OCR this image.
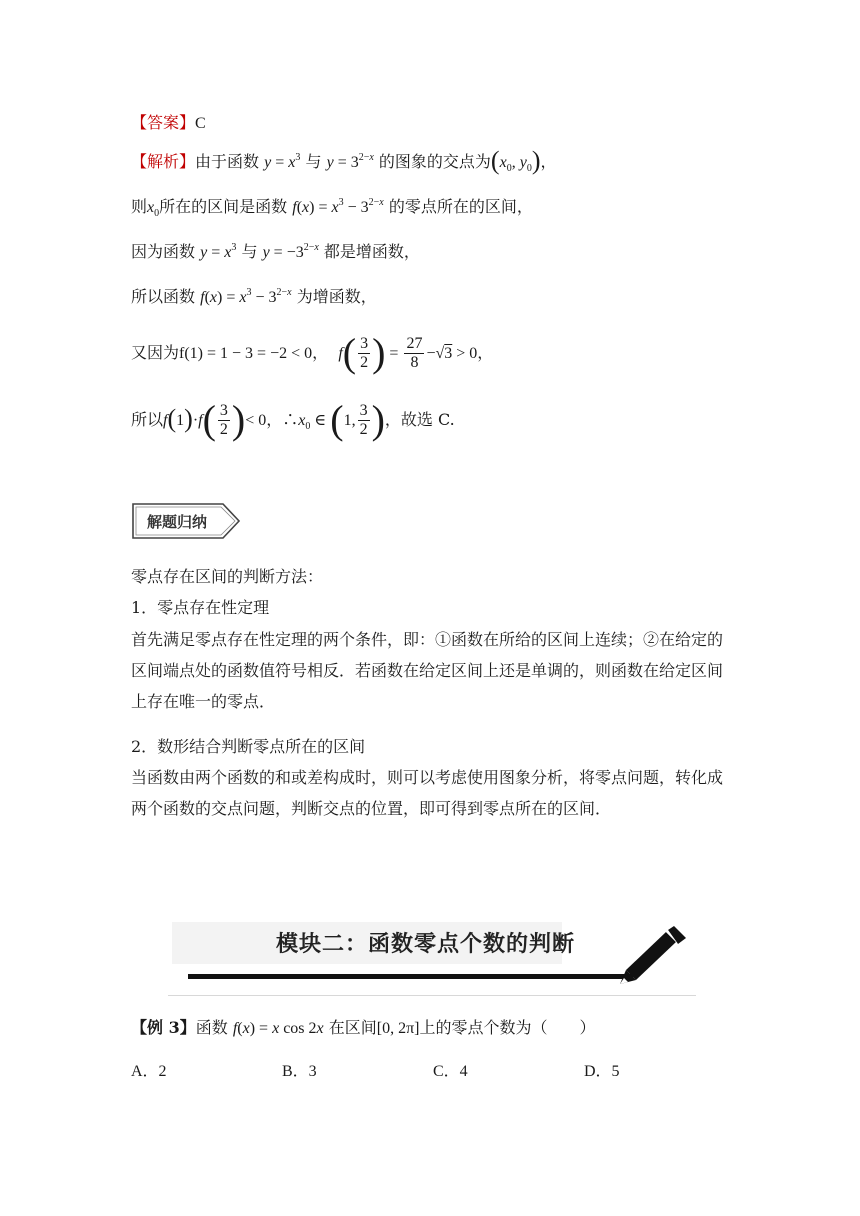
【答案】C
【解析】由于函数 $y = x^3$ 与 $y = 3^{2-x}$ 的图象的交点为($x_0$, $y_0$)，
则$x_0$所在的区间是函数 $f(x) = x^3 - 3^{2-x}$ 的零点所在的区间，
因为函数 $y = x^3$ 与 $y = -3^{2-x}$ 都是增函数，
所以函数 $f(x) = x^3 - 3^{2-x}$ 为增函数，
又因为f(1) = 1 − 3 = −2 < 0， $f( \frac{3}{2}$ ) = $\frac{27}{8} -√3 > 0$，
所以$f(1)\cdot f( \frac{3}{2}$ )< 0，$\therefore x_0$ ∈ (1, $\frac{3}{2}$ )，故选 C.
解题归纳
零点存在区间的判断方法：
1．零点存在性定理
首先满足零点存在性定理的两个条件，即：①函数在所给的区间上连续；②在给定的区间端点处的函数值符号相反．若函数在给定区间上还是单调的，则函数在给定区间上存在唯一的零点．
2．数形结合判断零点所在的区间
当函数由两个函数的和或差构成时，则可以考虑使用图象分析，将零点问题，转化成两个函数的交点问题，判断交点的位置，即可得到零点所在的区间．
模块二：函数零点个数的判断
【例 3】函数 f(x) = x cos 2x 在区间[0, 2π]上的零点个数为（　　）
A．2	B．3	C．4	D．5
